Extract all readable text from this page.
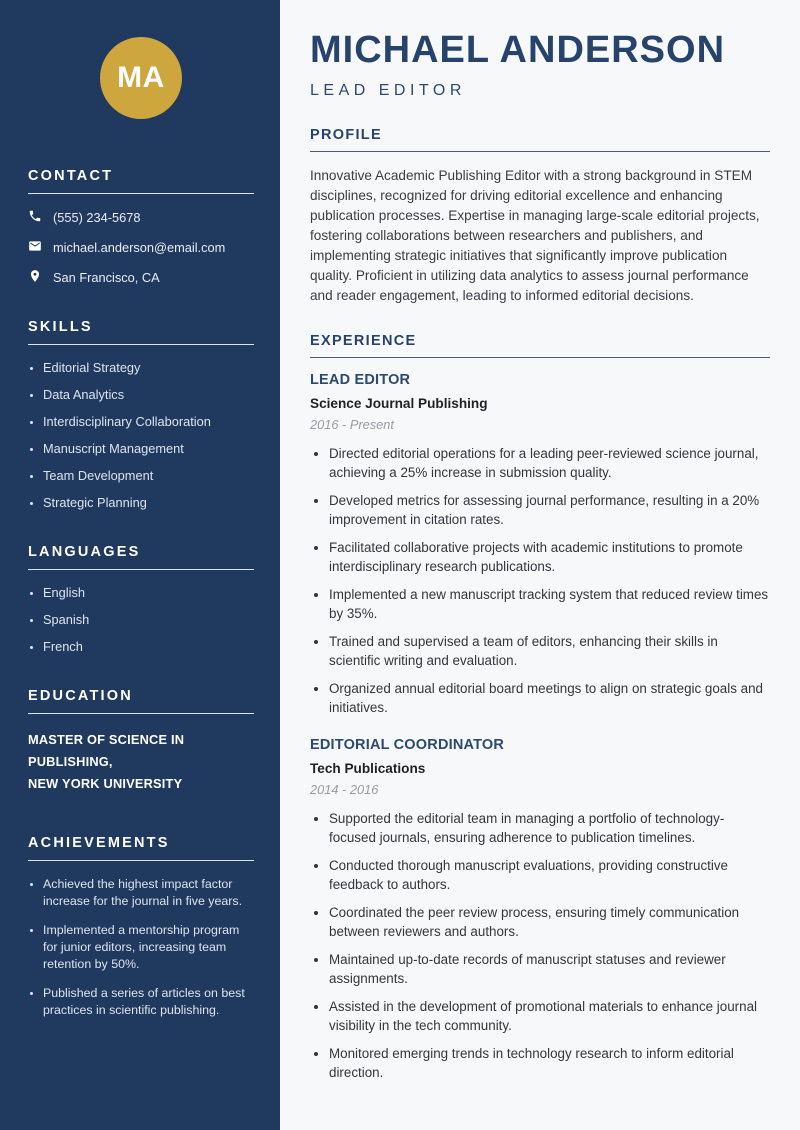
MA
CONTACT
(555) 234-5678
michael.anderson@email.com
San Francisco, CA
SKILLS
• Editorial Strategy
• Data Analytics
• Interdisciplinary Collaboration
• Manuscript Management
• Team Development
• Strategic Planning
LANGUAGES
• English
• Spanish
• French
EDUCATION
MASTER OF SCIENCE IN PUBLISHING,
NEW YORK UNIVERSITY
ACHIEVEMENTS
• Achieved the highest impact factor increase for the journal in five years.
• Implemented a mentorship program for junior editors, increasing team retention by 50%.
• Published a series of articles on best practices in scientific publishing.
MICHAEL ANDERSON
LEAD EDITOR
PROFILE

Innovative Academic Publishing Editor with a strong background in STEM disciplines, recognized for driving editorial excellence and enhancing publication processes. Expertise in managing large-scale editorial projects, fostering collaborations between researchers and publishers, and implementing strategic initiatives that significantly improve publication quality. Proficient in utilizing data analytics to assess journal performance and reader engagement, leading to informed editorial decisions.

EXPERIENCE
LEAD EDITOR
Science Journal Publishing
2016 - Present
• Directed editorial operations for a leading peer-reviewed science journal, achieving a 25% increase in submission quality.
• Developed metrics for assessing journal performance, resulting in a 20% improvement in citation rates.
• Facilitated collaborative projects with academic institutions to promote interdisciplinary research publications.
• Implemented a new manuscript tracking system that reduced review times by 35%.
• Trained and supervised a team of editors, enhancing their skills in scientific writing and evaluation.
• Organized annual editorial board meetings to align on strategic goals and initiatives.
EDITORIAL COORDINATOR
Tech Publications
2014 - 2016
• Supported the editorial team in managing a portfolio of technology-focused journals, ensuring adherence to publication timelines.
• Conducted thorough manuscript evaluations, providing constructive feedback to authors.
• Coordinated the peer review process, ensuring timely communication between reviewers and authors.
• Maintained up-to-date records of manuscript statuses and reviewer assignments.
• Assisted in the development of promotional materials to enhance journal visibility in the tech community.
• Monitored emerging trends in technology research to inform editorial direction.
